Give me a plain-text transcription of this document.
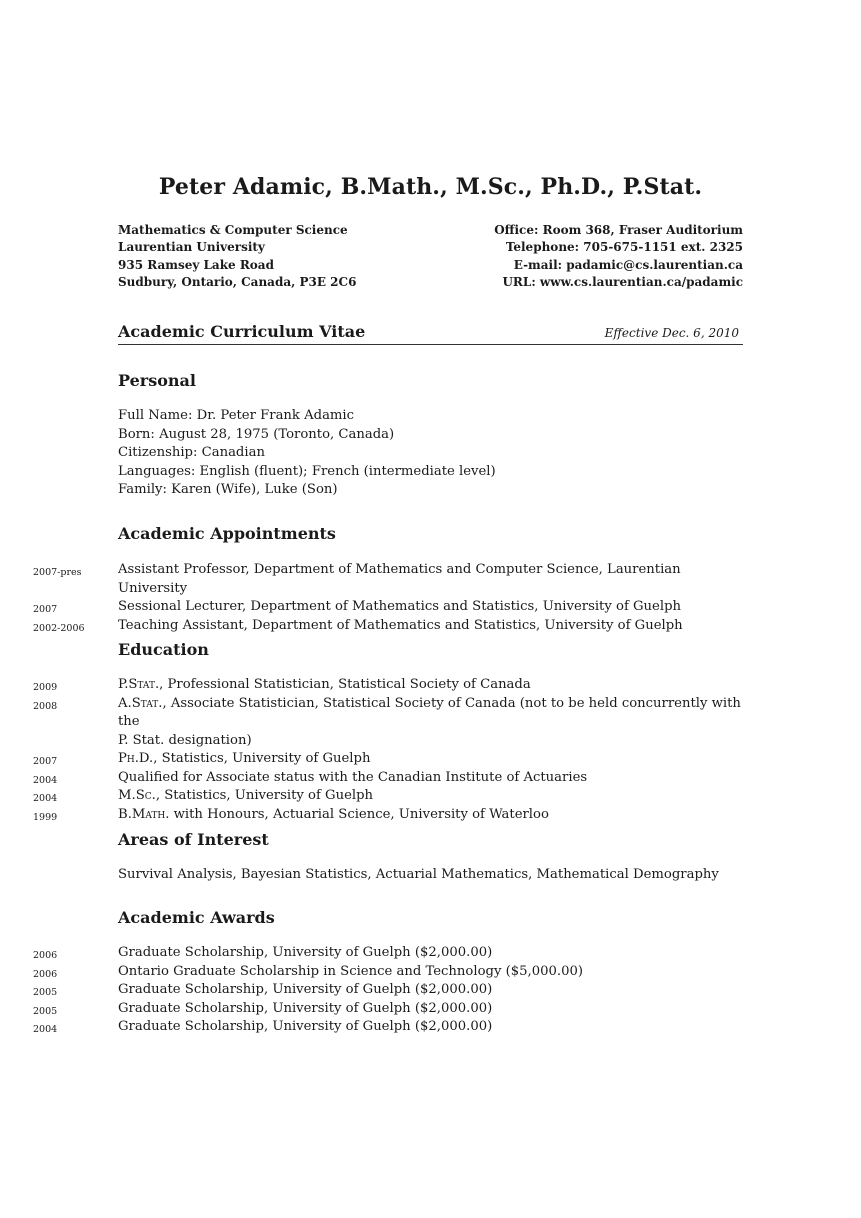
Peter Adamic, B.Math., M.Sc., Ph.D., P.Stat.
Mathematics & Computer Science
Laurentian University
935 Ramsey Lake Road
Sudbury, Ontario, Canada, P3E 2C6
Office: Room 368, Fraser Auditorium
Telephone: 705-675-1151 ext. 2325
E-mail: padamic@cs.laurentian.ca
URL: www.cs.laurentian.ca/padamic
Academic Curriculum Vitae	Effective Dec. 6, 2010
Personal
Full Name: Dr. Peter Frank Adamic
Born: August 28, 1975 (Toronto, Canada)
Citizenship: Canadian
Languages: English (fluent); French (intermediate level)
Family: Karen (Wife), Luke (Son)
Academic Appointments
2007-pres	Assistant Professor, Department of Mathematics and Computer Science, Laurentian University
2007	Sessional Lecturer, Department of Mathematics and Statistics, University of Guelph
2002-2006	Teaching Assistant, Department of Mathematics and Statistics, University of Guelph
Education
2009	P.Stat., Professional Statistician, Statistical Society of Canada
2008	A.Stat., Associate Statistician, Statistical Society of Canada (not to be held concurrently with the
P. Stat. designation)
2007	Ph.D., Statistics, University of Guelph
2004	Qualified for Associate status with the Canadian Institute of Actuaries
2004	M.Sc., Statistics, University of Guelph
1999	B.Math. with Honours, Actuarial Science, University of Waterloo
Areas of Interest
Survival Analysis, Bayesian Statistics, Actuarial Mathematics, Mathematical Demography
Academic Awards
2006	Graduate Scholarship, University of Guelph ($2,000.00)
2006	Ontario Graduate Scholarship in Science and Technology ($5,000.00)
2005	Graduate Scholarship, University of Guelph ($2,000.00)
2005	Graduate Scholarship, University of Guelph ($2,000.00)
2004	Graduate Scholarship, University of Guelph ($2,000.00)
